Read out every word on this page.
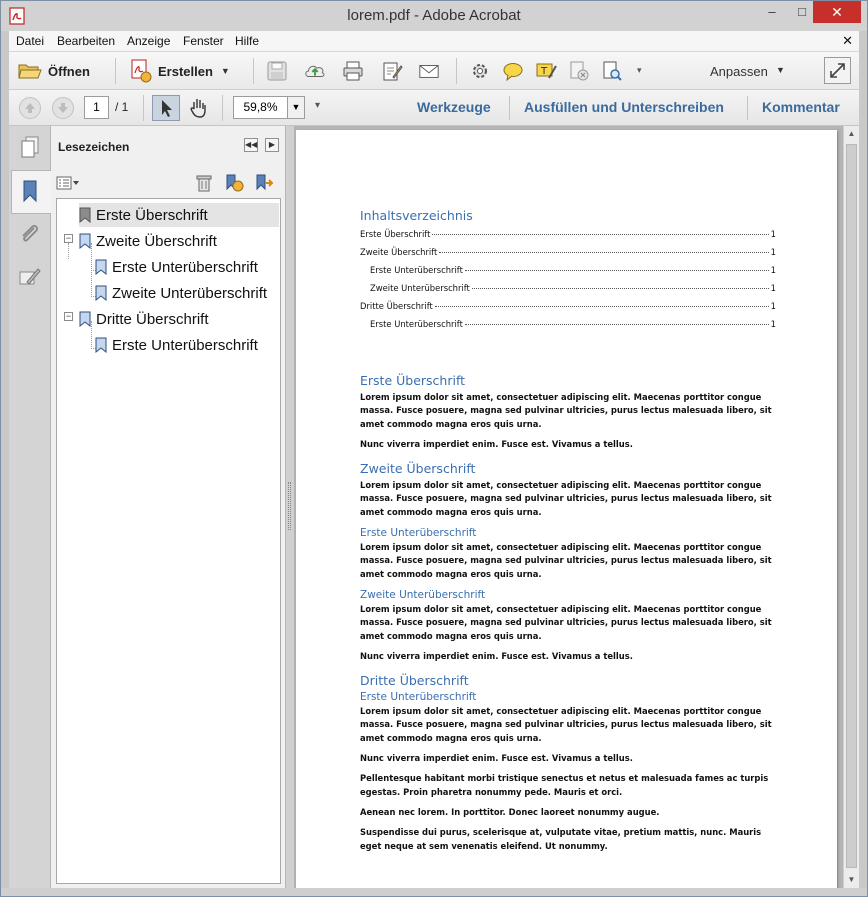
lorem.pdf - Adobe Acrobat	–	□	✕
Datei Bearbeiten Anzeige Fenster Hilfe	✕
Öffnen	Erstellen ▼	T	▾	Anpassen ▼
1	/ 1	59,8%	▼	▾	Werkzeuge Ausfüllen und Unterschreiben	Kommentar
Lesezeichen	◀◀	▶
Erste Überschrift
− Zweite Überschrift
Erste Unterüberschrift
Zweite Unterüberschrift
− Dritte Überschrift
Erste Unterüberschrift
Inhaltsverzeichnis
Erste Überschrift	1
Zweite Überschrift	1
Erste Unterüberschrift	1
Zweite Unterüberschrift	1
Dritte Überschrift	1
Erste Unterüberschrift	1
Erste Überschrift

Lorem ipsum dolor sit amet, consectetuer adipiscing elit. Maecenas porttitor congue massa. Fusce posuere, magna sed pulvinar ultricies, purus lectus malesuada libero, sit amet commodo magna eros quis urna.

Nunc viverra imperdiet enim. Fusce est. Vivamus a tellus.

Zweite Überschrift

Lorem ipsum dolor sit amet, consectetuer adipiscing elit. Maecenas porttitor congue massa. Fusce posuere, magna sed pulvinar ultricies, purus lectus malesuada libero, sit amet commodo magna eros quis urna.

Erste Unterüberschrift

Lorem ipsum dolor sit amet, consectetuer adipiscing elit. Maecenas porttitor congue massa. Fusce posuere, magna sed pulvinar ultricies, purus lectus malesuada libero, sit amet commodo magna eros quis urna.

Zweite Unterüberschrift

Lorem ipsum dolor sit amet, consectetuer adipiscing elit. Maecenas porttitor congue massa. Fusce posuere, magna sed pulvinar ultricies, purus lectus malesuada libero, sit amet commodo magna eros quis urna.

Nunc viverra imperdiet enim. Fusce est. Vivamus a tellus.

Dritte Überschrift
Erste Unterüberschrift

Lorem ipsum dolor sit amet, consectetuer adipiscing elit. Maecenas porttitor congue massa. Fusce posuere, magna sed pulvinar ultricies, purus lectus malesuada libero, sit amet commodo magna eros quis urna.

Nunc viverra imperdiet enim. Fusce est. Vivamus a tellus.

Pellentesque habitant morbi tristique senectus et netus et malesuada fames ac turpis egestas. Proin pharetra nonummy pede. Mauris et orci.

Aenean nec lorem. In porttitor. Donec laoreet nonummy augue.

Suspendisse dui purus, scelerisque at, vulputate vitae, pretium mattis, nunc. Mauris eget neque at sem venenatis eleifend. Ut nonummy.

▲
▼
